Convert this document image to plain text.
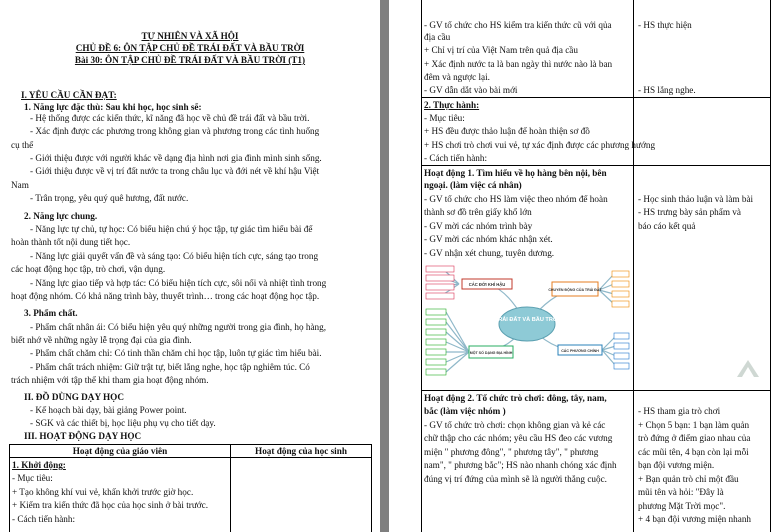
TỰ NHIÊN VÀ XÃ HỘI
CHỦ ĐỀ 6: ÔN TẬP CHỦ ĐỀ TRÁI ĐẤT VÀ BẦU TRỜI
Bài 30: ÔN TẬP CHỦ ĐỀ TRÁI ĐẤT VÀ BẦU TRỜI (T1)
I. YÊU CẦU CẦN ĐẠT:
1. Năng lực đặc thù: Sau khi học, học sinh sẽ:
- Hệ thống được các kiến thức, kĩ năng đã học về chủ đề trái đất và bầu trời.
- Xác định được các phương trong không gian và phương trong các tình huống
cụ thể
- Giới thiệu được với người khác về dạng địa hình nơi gia đình mình sinh sống.
- Giới thiệu được về vị trí đất nước ta trong châu lục và đới nét về khí hậu Việt
Nam
- Trân trọng, yêu quý quê hương, đất nước.
2. Năng lực chung.
- Năng lực tự chủ, tự học: Có biểu hiện chú ý học tập, tự giác tìm hiểu bài để
hoàn thành tốt nội dung tiết học.
- Năng lực giải quyết vấn đề và sáng tạo: Có biểu hiện tích cực, sáng tạo trong
các hoạt động học tập, trò chơi, vận dụng.
- Năng lực giao tiếp và hợp tác: Có biểu hiện tích cực, sôi nổi và nhiệt tình trong
hoạt động nhóm. Có khả năng trình bày, thuyết trình… trong các hoạt động học tập.
3. Phẩm chất.
- Phẩm chất nhân ái: Có biểu hiện yêu quý những người trong gia đình, họ hàng,
biết nhớ về những ngày lễ trọng đại của gia đình.
- Phẩm chất chăm chỉ: Có tinh thần chăm chỉ học tập, luôn tự giác tìm hiểu bài.
- Phẩm chất trách nhiệm: Giữ trật tự, biết lắng nghe, học tập nghiêm túc. Có
trách nhiệm với tập thể khi tham gia hoạt động nhóm.
II. ĐỒ DÙNG DẠY HỌC
- Kế hoạch bài dạy, bài giảng Power point.
- SGK và các thiết bị, học liệu phụ vụ cho tiết dạy.
III. HOẠT ĐỘNG DẠY HỌC
Hoạt động của giáo viên	Hoạt động của học sinh
1. Khởi động:
- Mục tiêu:
+ Tạo không khí vui vẻ, khấn khởi trước giờ học.
+ Kiểm tra kiến thức đã học của học sinh ở bài trước.
- Cách tiến hành:
- GV tổ chức cho HS kiểm tra kiến thức cũ với qủa
địa cầu
+ Chỉ vị trí của Việt Nam trên quả địa cầu
+ Xác định nước ta là ban ngày thì nước nào là ban
đêm và ngược lại.
- GV dẫn dắt vào bài mới
- HS thực hiện
- HS lắng nghe.
2. Thực hành:
- Mục tiêu:
+ HS đều được thảo luận để hoàn thiện sơ đồ
+ HS chơi trò chơi vui vẻ, tự xác định được các phương hướng
- Cách tiến hành:
Hoạt động 1. Tìm hiểu về họ hàng bên nội, bên
ngoại. (làm việc cá nhân)
- GV tổ chức cho HS làm việc theo nhóm để hoàn
thành sơ đồ trên giấy khổ lớn
- GV mời các nhóm trình bày
- GV mời các nhóm khác nhận xét.
- GV nhận xét chung, tuyên dương.
- Học sinh thảo luận và làm bài
- HS trưng bày sản phẩm và
báo cáo kết quả
TRÁI ĐẤT VÀ BẦU TRỜI
CÁC ĐỚI KHÍ HẬU
CHUYỂN ĐỘNG CỦA TRÁI ĐẤT
MỘT SỐ DẠNG ĐỊA HÌNH	CÁC PHƯƠNG CHÍNH
Hoạt động 2. Tổ chức trò chơi: đông, tây, nam,
bắc (làm việc nhóm )
- GV tổ chức trò chơi: chọn không gian và kẻ các
chữ thập cho các nhóm; yêu cầu HS đeo các vương
miện " phương đông", " phương tây", " phương
nam", " phương bắc"; HS nào nhanh chóng xác định
đúng vị trí đứng của mình sẽ là người thắng cuộc.
- HS tham gia trò chơi
+ Chọn 5 bạn: 1 bạn làm quản
trò đứng ở điểm giao nhau của
các mũi tên, 4 bạn còn lại mỗi
bạn đội vương miện.
+ Bạn quản trò chỉ một đầu
mũi tên và hỏi: "Đây là
phương Mặt Trời mọc".
+ 4 bạn đội vương miện nhanh
